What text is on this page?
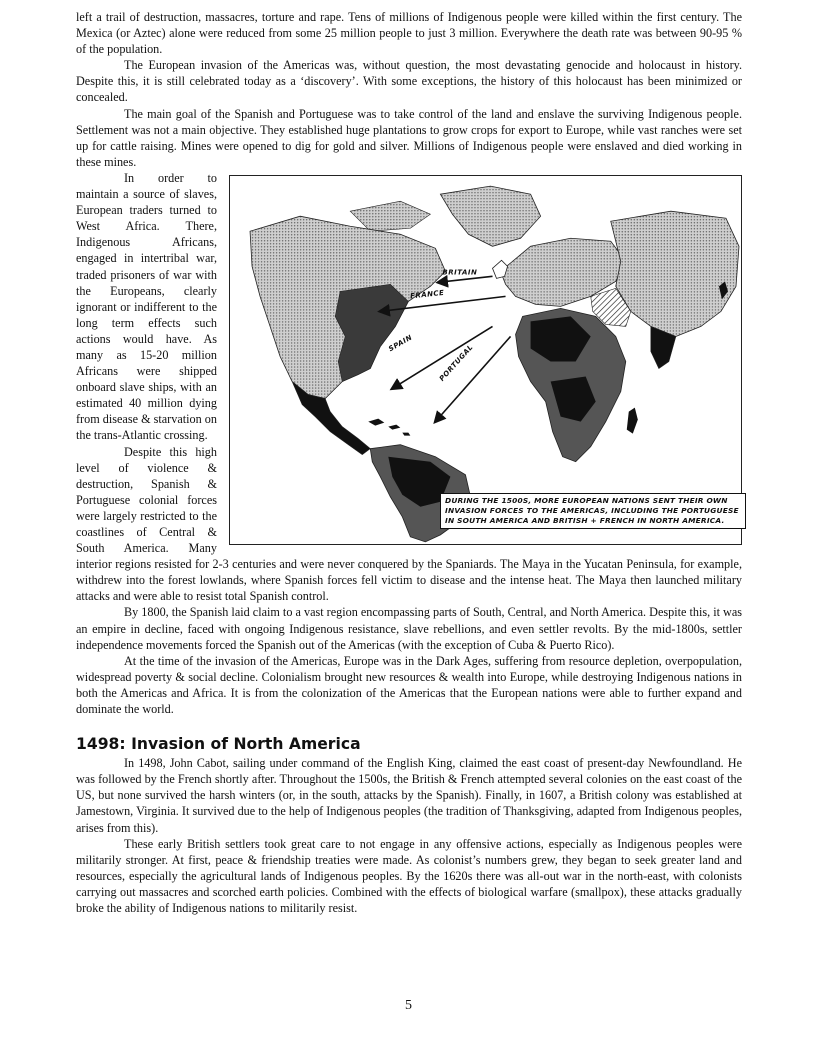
left a trail of destruction, massacres, torture and rape. Tens of millions of Indigenous people were killed within the first century. The Mexica (or Aztec) alone were reduced from some 25 million people to just 3 million. Everywhere the death rate was between 90-95 % of the population.

The European invasion of the Americas was, without question, the most devastating genocide and holocaust in history. Despite this, it is still celebrated today as a ‘discovery’. With some exceptions, the history of this holocaust has been minimized or concealed.

The main goal of the Spanish and Portuguese was to take control of the land and enslave the surviving Indigenous people. Settlement was not a main objective. They established huge plantations to grow crops for export to Europe, while vast ranches were set up for cattle raising. Mines were opened to dig for gold and silver. Millions of Indigenous people were enslaved and died working in these mines.

BRITAIN
FRANCE
SPAIN	PORTUGAL
DURING THE 1500S, MORE EUROPEAN NATIONS SENT THEIR OWN INVASION FORCES TO THE AMERICAS, INCLUDING THE PORTUGUESE IN SOUTH AMERICA AND BRITISH + FRENCH IN NORTH AMERICA.

In order to maintain a source of slaves, European traders turned to West Africa. There, Indigenous Africans, engaged in intertribal war, traded prisoners of war with the Europeans, clearly ignorant or indifferent to the long term effects such actions would have. As many as 15-20 million Africans were shipped onboard slave ships, with an estimated 40 million dying from disease & starvation on the trans-Atlantic crossing.

Despite this high level of violence & destruction, Spanish & Portuguese colonial forces were largely restricted to the coastlines of Central & South America. Many interior regions resisted for 2-3 centuries and were never conquered by the Spaniards. The Maya in the Yucatan Peninsula, for example, withdrew into the forest lowlands, where Spanish forces fell victim to disease and the intense heat. The Maya then launched military attacks and were able to resist total Spanish control.

By 1800, the Spanish laid claim to a vast region encompassing parts of South, Central, and North America. Despite this, it was an empire in decline, faced with ongoing Indigenous resistance, slave rebellions, and even settler revolts. By the mid-1800s, settler independence movements forced the Spanish out of the Americas (with the exception of Cuba & Puerto Rico).

At the time of the invasion of the Americas, Europe was in the Dark Ages, suffering from resource depletion, overpopulation, widespread poverty & social decline. Colonialism brought new resources & wealth into Europe, while destroying Indigenous nations in both the Americas and Africa. It is from the colonization of the Americas that the European nations were able to further expand and dominate the world.

1498: Invasion of North America

In 1498, John Cabot, sailing under command of the English King, claimed the east coast of present-day Newfoundland. He was followed by the French shortly after. Throughout the 1500s, the British & French attempted several colonies on the east coast of the US, but none survived the harsh winters (or, in the south, attacks by the Spanish). Finally, in 1607, a British colony was established at Jamestown, Virginia. It survived due to the help of Indigenous peoples (the tradition of Thanksgiving, adapted from Indigenous peoples, arises from this).

These early British settlers took great care to not engage in any offensive actions, especially as Indigenous peoples were militarily stronger. At first, peace & friendship treaties were made. As colonist’s numbers grew, they began to seek greater land and resources, especially the agricultural lands of Indigenous peoples. By the 1620s there was all-out war in the north-east, with colonists carrying out massacres and scorched earth policies. Combined with the effects of biological warfare (smallpox), these attacks gradually broke the ability of Indigenous nations to militarily resist.

5
